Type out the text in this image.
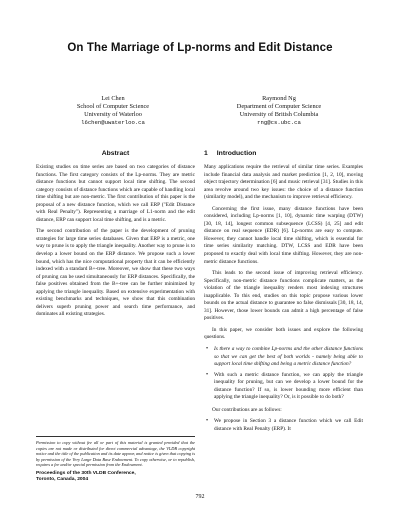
On The Marriage of Lp-norms and Edit Distance
Lei Chen
School of Computer Science
University of Waterloo
l6chen@uwaterloo.ca
Raymond Ng
Department of Computer Science
University of British Columbia
rng@cs.ubc.ca
Abstract

Existing studies on time series are based on two categories of distance functions. The first category consists of the Lp-norms. They are metric distance functions but cannot support local time shifting. The second category consists of distance functions which are capable of handling local time shifting but are non-metric. The first contribution of this paper is the proposal of a new distance function, which we call ERP ("Edit Distance with Real Penalty"). Representing a marriage of L1-norm and the edit distance, ERP can support local time shifting, and is a metric.

The second contribution of the paper is the development of pruning strategies for large time series databases. Given that ERP is a metric, one way to prune is to apply the triangle inequality. Another way to prune is to develop a lower bound on the ERP distance. We propose such a lower bound, which has the nice computational property that it can be efficiently indexed with a standard B+-tree. Moreover, we show that these two ways of pruning can be used simultaneously for ERP distances. Specifically, the false positives obtained from the B+-tree can be further minimized by applying the triangle inequality. Based on extensive experimentation with existing benchmarks and techniques, we show that this combination delivers superb pruning power and search time performance, and dominates all existing strategies.

Permission to copy without fee all or part of this material is granted provided that the copies are not made or distributed for direct commercial advantage, the VLDB copyright notice and the title of the publication and its date appear, and notice is given that copying is by permission of the Very Large Data Base Endowment. To copy otherwise, or to republish, requires a fee and/or special permission from the Endowment.

Proceedings of the 30th VLDB Conference,
Toronto, Canada, 2004
1 Introduction

Many applications require the retrieval of similar time series. Examples include financial data analysis and market prediction [1, 2, 10], moving object trajectory determination [6] and music retrieval [31]. Studies in this area revolve around two key issues: the choice of a distance function (similarity model), and the mechanism to improve retrieval efficiency.

Concerning the first issue, many distance functions have been considered, including Lp-norms [1, 10], dynamic time warping (DTW) [30, 18, 14], longest common subsequence (LCSS) [4, 25] and edit distance on real sequence (EDR) [6]. Lp-norms are easy to compute. However, they cannot handle local time shifting, which is essential for time series similarity matching. DTW, LCSS and EDR have been proposed to exactly deal with local time shifting. However, they are non-metric distance functions.

This leads to the second issue of improving retrieval efficiency. Specifically, non-metric distance functions complicate matters, as the violation of the triangle inequality renders most indexing structures inapplicable. To this end, studies on this topic propose various lower bounds on the actual distance to guarantee no false dismissals [30, 18, 14, 31]. However, those lower bounds can admit a high percentage of false positives.

In this paper, we consider both issues and explore the following questions.

• Is there a way to combine Lp-norms and the other distance functions so that we can get the best of both worlds - namely being able to support local time shifting and being a metric distance function?
• With such a metric distance function, we can apply the triangle inequality for pruning, but can we develop a lower bound for the distance function? If so, is lower bounding more efficient than applying the triangle inequality? Or, is it possible to do both?

Our contributions are as follows:

• We propose in Section 3 a distance function which we call Edit distance with Real Penalty (ERP). It
792
